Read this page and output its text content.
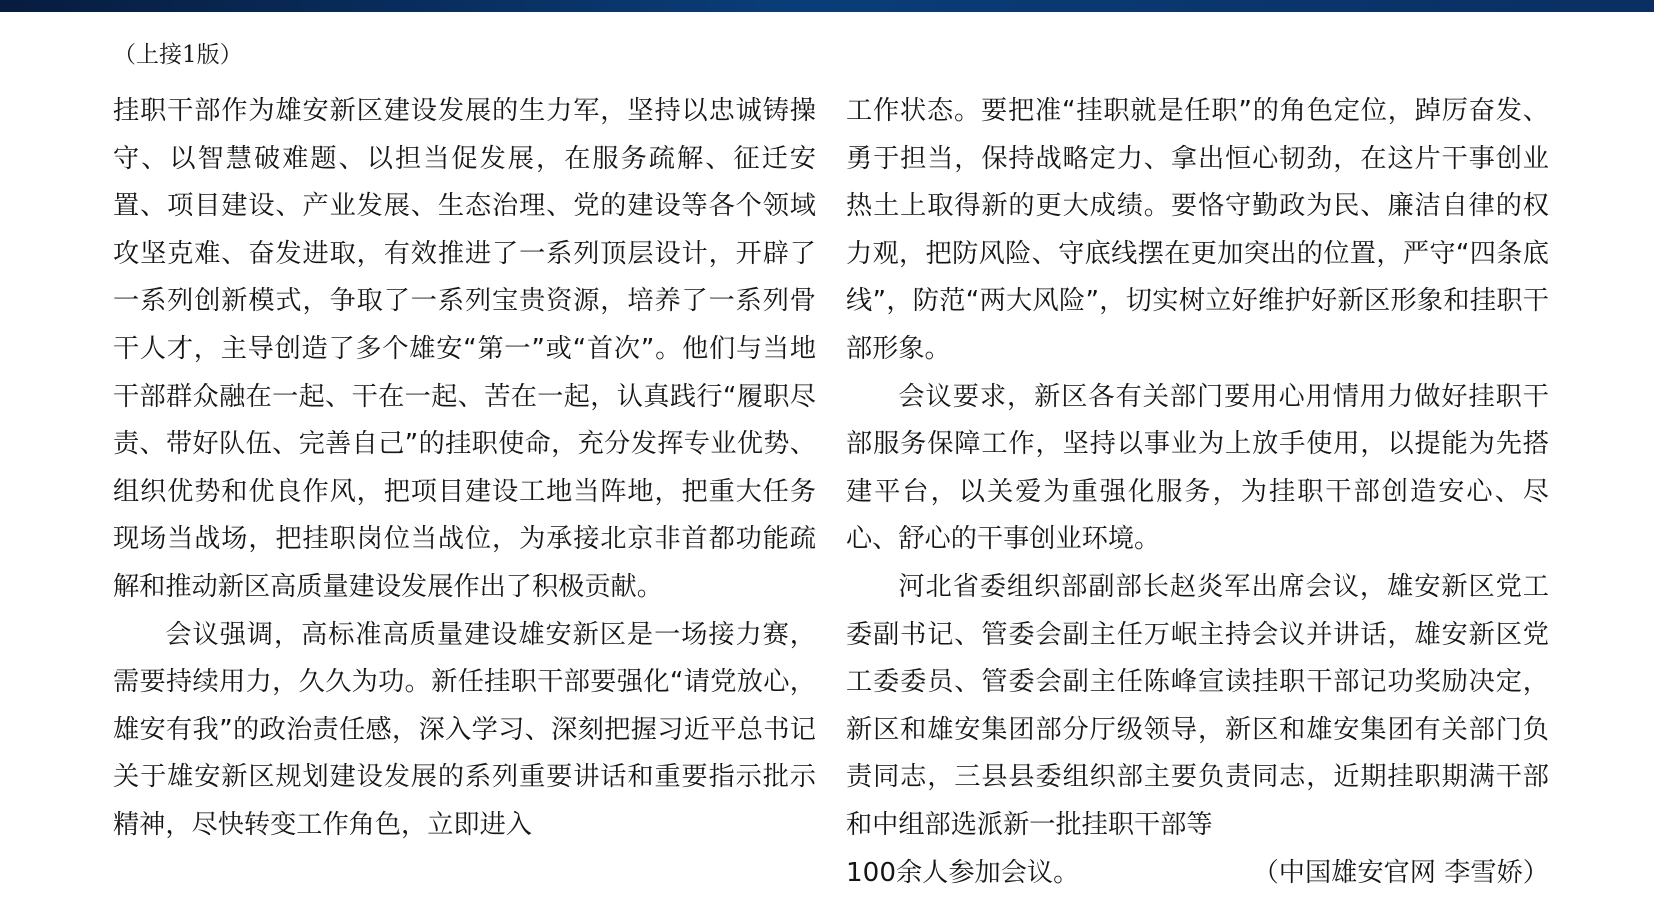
（上接1版）

挂职干部作为雄安新区建设发展的生力军，坚持以忠诚铸操守、以智慧破难题、以担当促发展，在服务疏解、征迁安置、项目建设、产业发展、生态治理、党的建设等各个领域攻坚克难、奋发进取，有效推进了一系列顶层设计，开辟了一系列创新模式，争取了一系列宝贵资源，培养了一系列骨干人才，主导创造了多个雄安“第一”或“首次”。他们与当地干部群众融在一起、干在一起、苦在一起，认真践行“履职尽责、带好队伍、完善自己”的挂职使命，充分发挥专业优势、组织优势和优良作风，把项目建设工地当阵地，把重大任务现场当战场，把挂职岗位当战位，为承接北京非首都功能疏解和推动新区高质量建设发展作出了积极贡献。

会议强调，高标准高质量建设雄安新区是一场接力赛，需要持续用力，久久为功。新任挂职干部要强化“请党放心，雄安有我”的政治责任感，深入学习、深刻把握习近平总书记关于雄安新区规划建设发展的系列重要讲话和重要指示批示精神，尽快转变工作角色，立即进入

工作状态。要把准“挂职就是任职”的角色定位，踔厉奋发、勇于担当，保持战略定力、拿出恒心韧劲，在这片干事创业热土上取得新的更大成绩。要恪守勤政为民、廉洁自律的权力观，把防风险、守底线摆在更加突出的位置，严守“四条底线”，防范“两大风险”，切实树立好维护好新区形象和挂职干部形象。

会议要求，新区各有关部门要用心用情用力做好挂职干部服务保障工作，坚持以事业为上放手使用，以提能为先搭建平台，以关爱为重强化服务，为挂职干部创造安心、尽心、舒心的干事创业环境。

河北省委组织部副部长赵炎军出席会议，雄安新区党工委副书记、管委会副主任万岷主持会议并讲话，雄安新区党工委委员、管委会副主任陈峰宣读挂职干部记功奖励决定，新区和雄安集团部分厅级领导，新区和雄安集团有关部门负责同志，三县县委组织部主要负责同志，近期挂职期满干部和中组部选派新一批挂职干部等

100余人参加会议。	（中国雄安官网 李雪娇）
